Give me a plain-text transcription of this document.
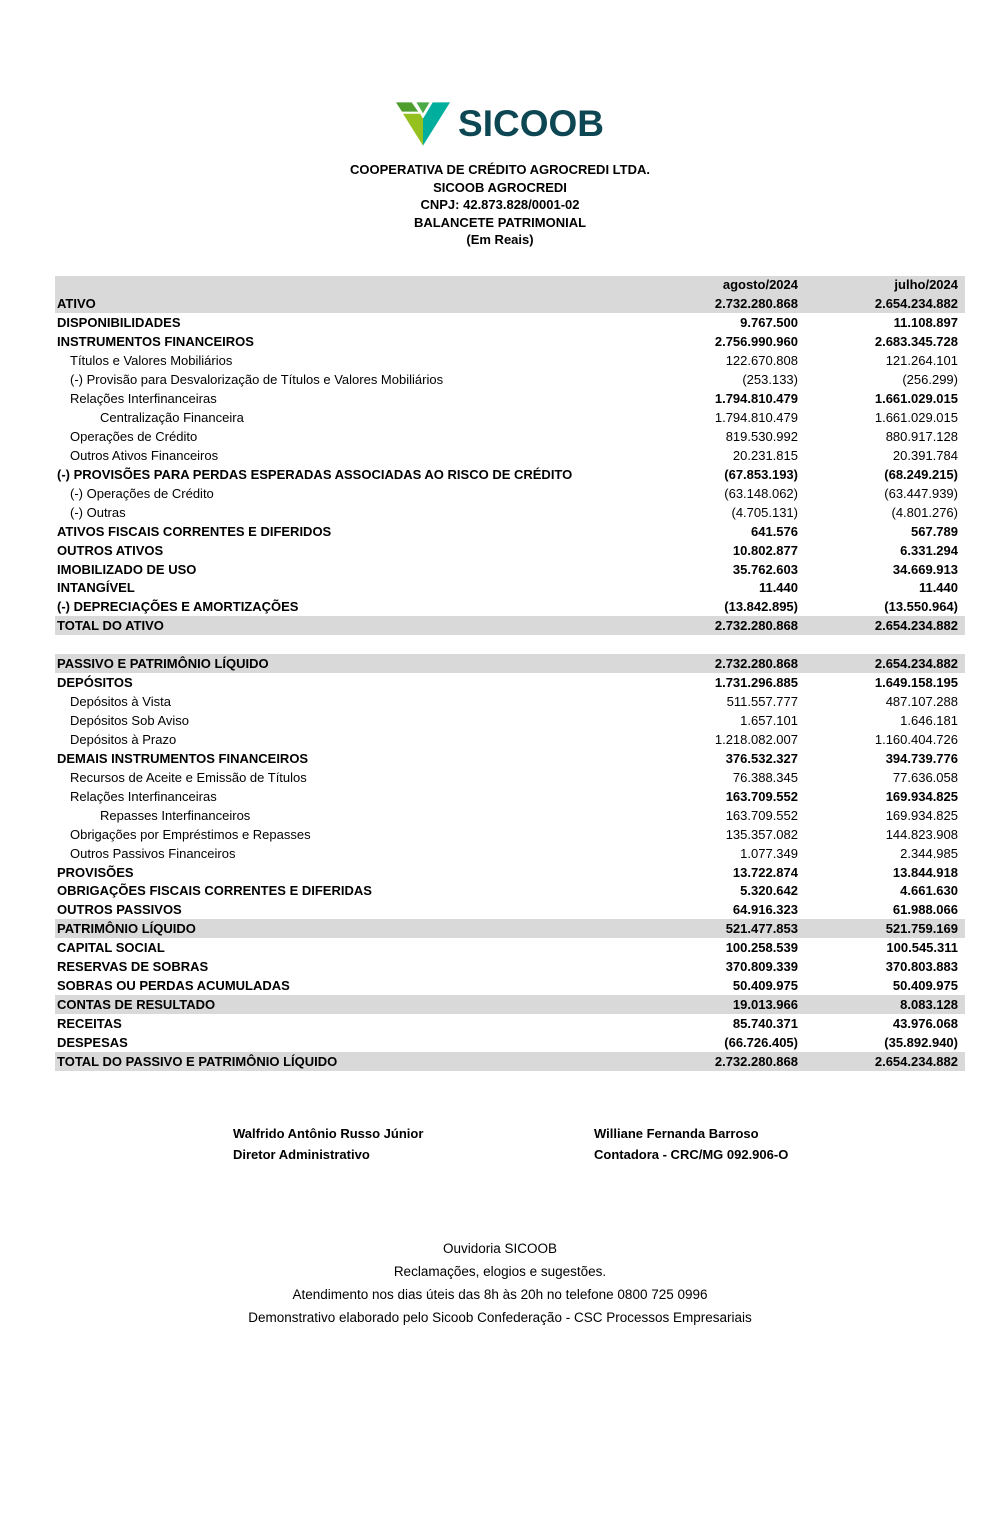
SICOOB
COOPERATIVA DE CRÉDITO AGROCREDI LTDA.
SICOOB AGROCREDI
CNPJ: 42.873.828/0001-02
BALANCETE PATRIMONIAL
(Em Reais)
agosto/2024	julho/2024
ATIVO	2.732.280.868	2.654.234.882
DISPONIBILIDADES	9.767.500	11.108.897
INSTRUMENTOS FINANCEIROS	2.756.990.960	2.683.345.728
Títulos e Valores Mobiliários	122.670.808	121.264.101
(-) Provisão para Desvalorização de Títulos e Valores Mobiliários	(253.133)	(256.299)
Relações Interfinanceiras	1.794.810.479	1.661.029.015
Centralização Financeira	1.794.810.479	1.661.029.015
Operações de Crédito	819.530.992	880.917.128
Outros Ativos Financeiros	20.231.815	20.391.784
(-) PROVISÕES PARA PERDAS ESPERADAS ASSOCIADAS AO RISCO DE CRÉDITO	(67.853.193)	(68.249.215)
(-) Operações de Crédito	(63.148.062)	(63.447.939)
(-) Outras	(4.705.131)	(4.801.276)
ATIVOS FISCAIS CORRENTES E DIFERIDOS	641.576	567.789
OUTROS ATIVOS	10.802.877	6.331.294
IMOBILIZADO DE USO	35.762.603	34.669.913
INTANGÍVEL	11.440	11.440
(-) DEPRECIAÇÕES E AMORTIZAÇÕES	(13.842.895)	(13.550.964)
TOTAL DO ATIVO	2.732.280.868	2.654.234.882
PASSIVO E PATRIMÔNIO LÍQUIDO	2.732.280.868	2.654.234.882
DEPÓSITOS	1.731.296.885	1.649.158.195
Depósitos à Vista	511.557.777	487.107.288
Depósitos Sob Aviso	1.657.101	1.646.181
Depósitos à Prazo	1.218.082.007	1.160.404.726
DEMAIS INSTRUMENTOS FINANCEIROS	376.532.327	394.739.776
Recursos de Aceite e Emissão de Títulos	76.388.345	77.636.058
Relações Interfinanceiras	163.709.552	169.934.825
Repasses Interfinanceiros	163.709.552	169.934.825
Obrigações por Empréstimos e Repasses	135.357.082	144.823.908
Outros Passivos Financeiros	1.077.349	2.344.985
PROVISÕES	13.722.874	13.844.918
OBRIGAÇÕES FISCAIS CORRENTES E DIFERIDAS	5.320.642	4.661.630
OUTROS PASSIVOS	64.916.323	61.988.066
PATRIMÔNIO LÍQUIDO	521.477.853	521.759.169
CAPITAL SOCIAL	100.258.539	100.545.311
RESERVAS DE SOBRAS	370.809.339	370.803.883
SOBRAS OU PERDAS ACUMULADAS	50.409.975	50.409.975
CONTAS DE RESULTADO	19.013.966	8.083.128
RECEITAS	85.740.371	43.976.068
DESPESAS	(66.726.405)	(35.892.940)
TOTAL DO PASSIVO E PATRIMÔNIO LÍQUIDO	2.732.280.868	2.654.234.882
Walfrido Antônio Russo Júnior
Diretor Administrativo
Williane Fernanda Barroso
Contadora - CRC/MG 092.906-O
Ouvidoria SICOOB
Reclamações, elogios e sugestões.
Atendimento nos dias úteis das 8h às 20h no telefone 0800 725 0996
Demonstrativo elaborado pelo Sicoob Confederação - CSC Processos Empresariais
